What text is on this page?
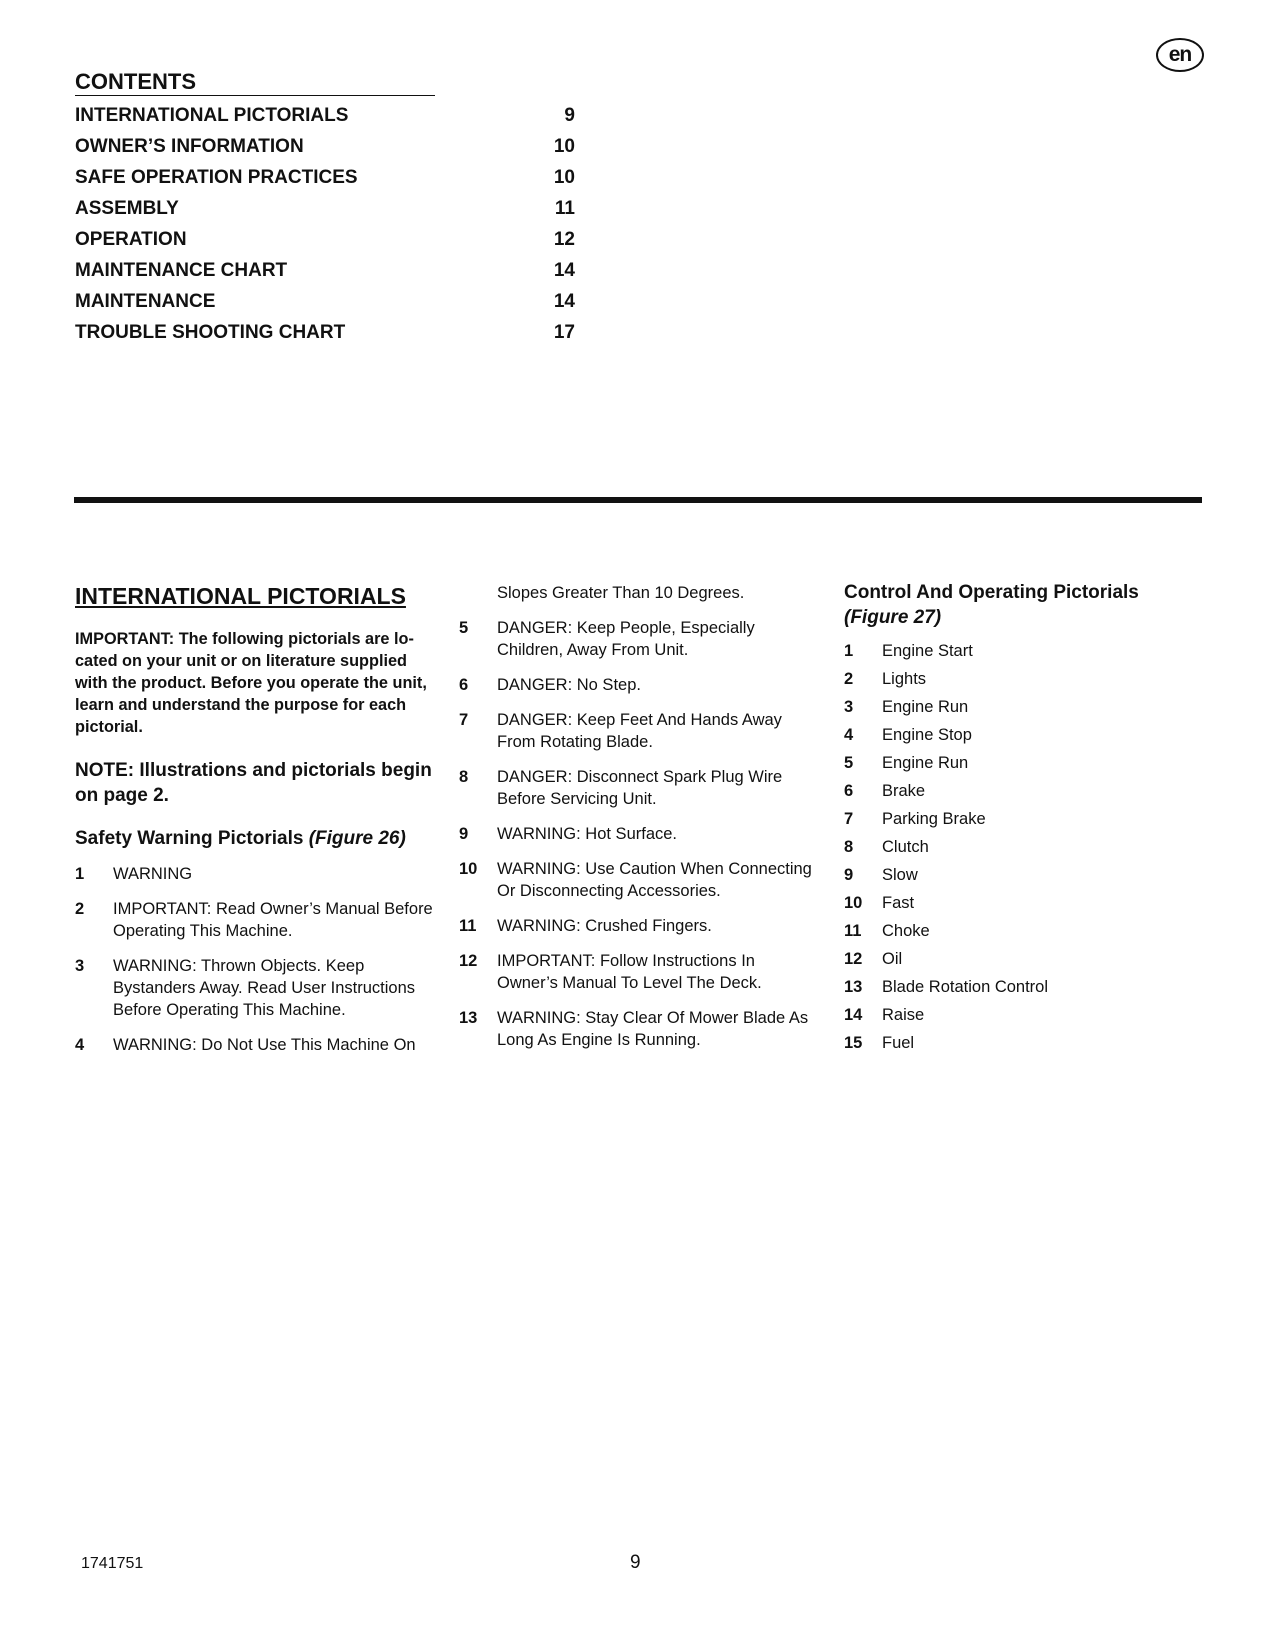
en
CONTENTS
INTERNATIONAL PICTORIALS	9
OWNER’S INFORMATION	10
SAFE OPERATION PRACTICES	10
ASSEMBLY	11
OPERATION	12
MAINTENANCE CHART	14
MAINTENANCE	14
TROUBLE SHOOTING CHART	17
INTERNATIONAL PICTORIALS
IMPORTANT: The following pictorials are lo-cated on your unit or on literature supplied with the product. Before you operate the unit, learn and understand the purpose for each pictorial.
NOTE: Illustrations and pictorials begin on page 2.
Safety Warning Pictorials (Figure 26)
1	WARNING
2	IMPORTANT: Read Owner’s Manual Before Operating This Machine.
3	WARNING: Thrown Objects. Keep Bystanders Away. Read User Instructions Before Operating This Machine.
4	WARNING: Do Not Use This Machine On
Slopes Greater Than 10 Degrees.
5	DANGER: Keep People, Especially Children, Away From Unit.
6	DANGER: No Step.
7	DANGER: Keep Feet And Hands Away From Rotating Blade.
8	DANGER: Disconnect Spark Plug Wire Before Servicing Unit.
9	WARNING: Hot Surface.
10	WARNING: Use Caution When Connecting Or Disconnecting Accessories.
11	WARNING: Crushed Fingers.
12	IMPORTANT: Follow Instructions In Owner’s Manual To Level The Deck.
13	WARNING: Stay Clear Of Mower Blade As Long As Engine Is Running.
Control And Operating Pictorials
(Figure 27)
1	Engine Start
2	Lights
3	Engine Run
4	Engine Stop
5	Engine Run
6	Brake
7	Parking Brake
8	Clutch
9	Slow
10	Fast
11	Choke
12	Oil
13	Blade Rotation Control
14	Raise
15	Fuel
1741751	9
